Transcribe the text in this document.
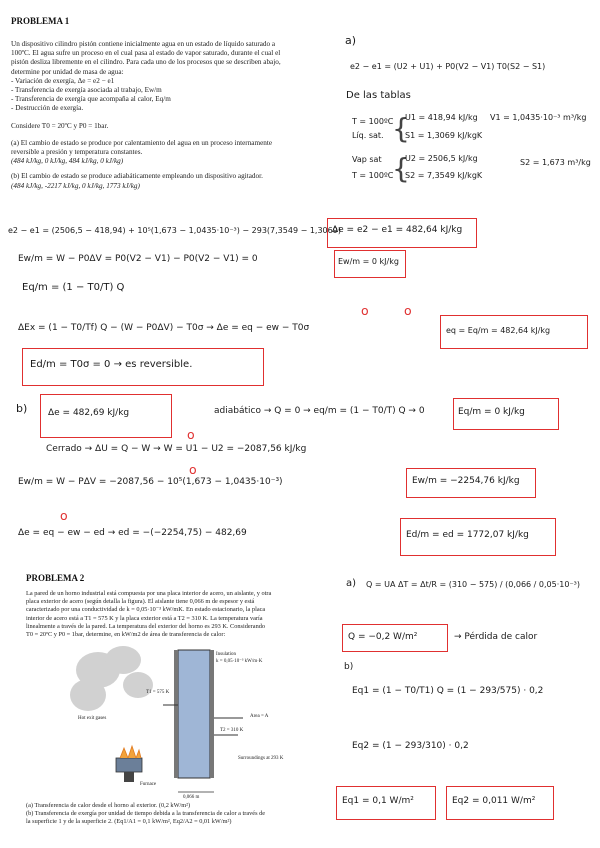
PROBLEMA 1
Un dispositivo cilindro pistón contiene inicialmente agua en un estado de líquido saturado a
100ºC. El agua sufre un proceso en el cual pasa al estado de vapor saturado, durante el cual el
pistón desliza libremente en el cilindro. Para cada uno de los procesos que se describen abajo,
determine por unidad de masa de agua:
- Variación de exergía, Δe = e2 − e1
- Transferencia de exergía asociada al trabajo, Ew/m
- Transferencia de exergía que acompaña al calor, Eq/m
- Destrucción de exergía.
Considere T0 = 20ºC y P0 = 1bar.
(a) El cambio de estado se produce por calentamiento del agua en un proceso internamente
reversible a presión y temperatura constantes.
(484 kJ/kg, 0 kJ/kg, 484 kJ/kg, 0 kJ/kg)
(b) El cambio de estado se produce adiabáticamente empleando un dispositivo agitador.
(484 kJ/kg, -2217 kJ/kg, 0 kJ/kg, 1773 kJ/kg)
a)
e2 − e1 = (U2 + U1) + P0(V2 − V1) T0(S2 − S1)
De las tablas
T = 100ºC
Líq. sat. {
U1 = 418,94 kJ/kg
S1 = 1,3069 kJ/kgK
V1 = 1,0435·10⁻³ m³/kg
Vap sat
T = 100ºC
{
U2 = 2506,5 kJ/kg
S2 = 7,3549 kJ/kgK
S2 = 1,673 m³/kg
e2 − e1 = (2506,5 − 418,94) + 10⁵(1,673 − 1,0435·10⁻³) − 293(7,3549 − 1,3069)
Δe = e2 − e1 = 482,64 kJ/kg
Ew/m = W − P0ΔV = P0(V2 − V1) − P0(V2 − V1) = 0	Ew/m = 0 kJ/kg
Eq/m = (1 − T0/T) Q
ΔEx = (1 − T0/Tf) Q − (W − P0ΔV) − T0σ → Δe = eq − ew − T0σ
o	o
eq = Eq/m = 482,64 kJ/kg
Ed/m = T0σ = 0 → es reversible.
b) Δe = 482,69 kJ/kg	adiabático → Q = 0 → eq/m = (1 − T0/T) Q → 0	Eq/m = 0 kJ/kg
o
Cerrado → ΔU = Q − W → W = U1 − U2 = −2087,56 kJ/kg
o
Ew/m = W − PΔV = −2087,56 − 10⁵(1,673 − 1,0435·10⁻³)	Ew/m = −2254,76 kJ/kg
o
Δe = eq − ew − ed → ed = −(−2254,75) − 482,69	Ed/m = ed = 1772,07 kJ/kg
PROBLEMA 2
La pared de un horno industrial está compuesta por una placa interior de acero, un aislante, y otra
placa exterior de acero (según detalla la figura). El aislante tiene 0,066 m de espesor y está
caracterizado por una conductividad de k = 0,05·10⁻³ kW/mK. En estado estacionario, la placa
interior de acero está a T1 = 575 K y la placa exterior está a T2 = 310 K. La temperatura varía
linealmente a través de la pared. La temperatura del exterior del horno es 293 K. Considerando
T0 = 20ºC y P0 = 1bar, determine, en kW/m2 de área de transferencia de calor:
Insulation
k = 0,05·10⁻³ kW/m·K
T1 = 575 K
T2 = 310 K
Area = A
Hot exit gases
Furnace
Surroundings at 293 K
0,066 m
(a) Transferencia de calor desde el horno al exterior. (0,2 kW/m²)
(b) Transferencia de exergía por unidad de tiempo debida a la transferencia de calor a través de
la superficie 1 y de la superficie 2. (Eq1/A1 = 0,1 kW/m², Eq2/A2 = 0,01 kW/m²)
a) Q = UA ΔT = Δt/R = (310 − 575) / (0,066 / 0,05·10⁻³)
Q = −0,2 W/m²	→ Pérdida de calor
b)
Eq1 = (1 − T0/T1) Q = (1 − 293/575) · 0,2
Eq2 = (1 − 293/310) · 0,2
Eq1 = 0,1 W/m²	Eq2 = 0,011 W/m²
